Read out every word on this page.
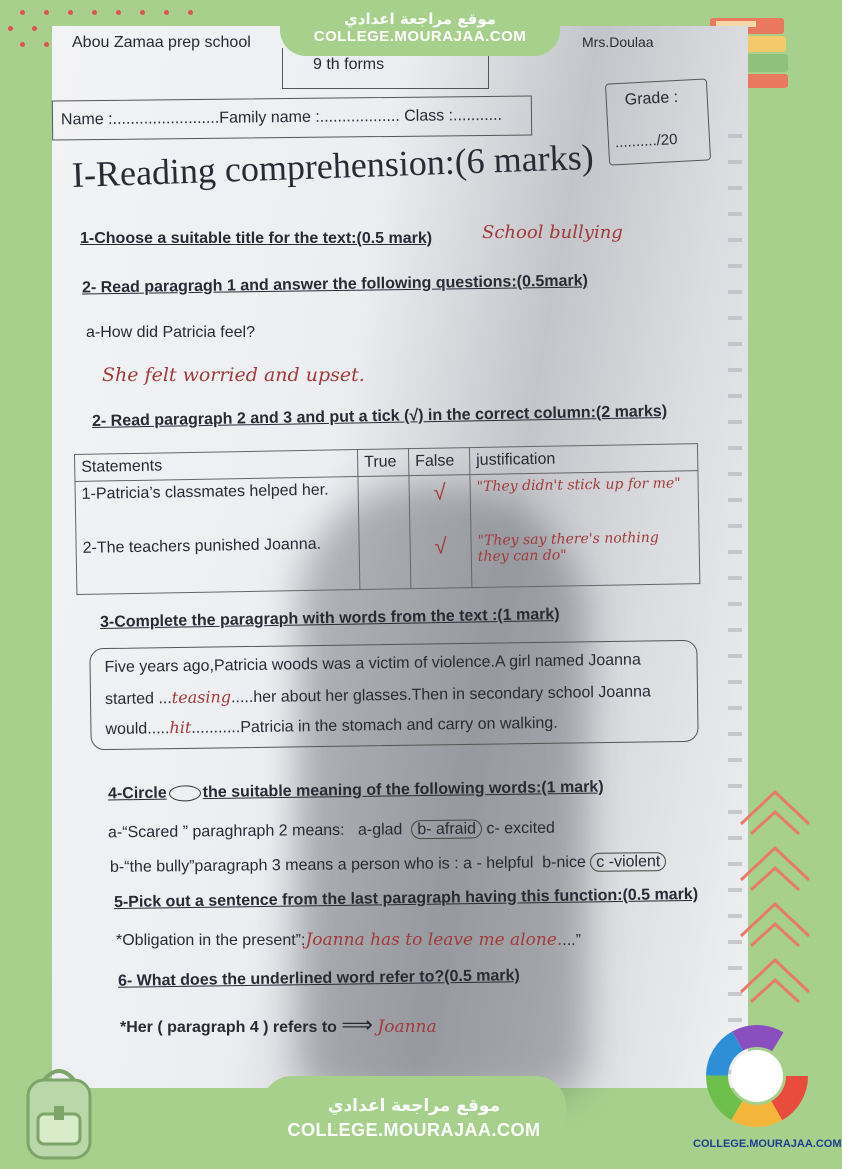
Abou Zamaa prep school	Mrs.Doulaa
9 th forms
Name :........................Family name :.................. Class :...........
Grade :
........../20
I-Reading comprehension:(6 marks)
1-Choose a suitable title for the text:(0.5 mark)	School bullying
2- Read paragragh 1 and answer the following questions:(0.5mark)
a-How did Patricia feel?
She felt worried and upset.
2- Read paragraph 2 and 3 and put a tick (√) in the correct column:(2 marks)
Statements	True	False	justification
1-Patricia’s classmates helped her.		√	"They didn't stick up for me"
2-The teachers punished Joanna.		√	"They say there's nothing they can do"
3-Complete the paragraph with words from the text :(1 mark)
Five years ago,Patricia woods was a victim of violence.A girl named Joanna
started ...teasing.....her about her glasses.Then in secondary school Joanna
would.....hit...........Patricia in the stomach and carry on walking.
4-Circle the suitable meaning of the following words:(1 mark)
a-“Scared ” paraghraph 2 means: a-glad b- afraid c- excited
b-“the bully”paragraph 3 means a person who is : a - helpful b-nice c -violent
5-Pick out a sentence from the last paragraph having this function:(0.5 mark)
*Obligation in the present”:Joanna has to leave me alone....”
6- What does the underlined word refer to?(0.5 mark)
*Her ( paragraph 4 ) refers to ⟹ Joanna
موقع مراجعة اعدادي
COLLEGE.MOURAJAA.COM
موقع مراجعة اعدادي
COLLEGE.MOURAJAA.COM
COLLEGE.MOURAJAA.COM
